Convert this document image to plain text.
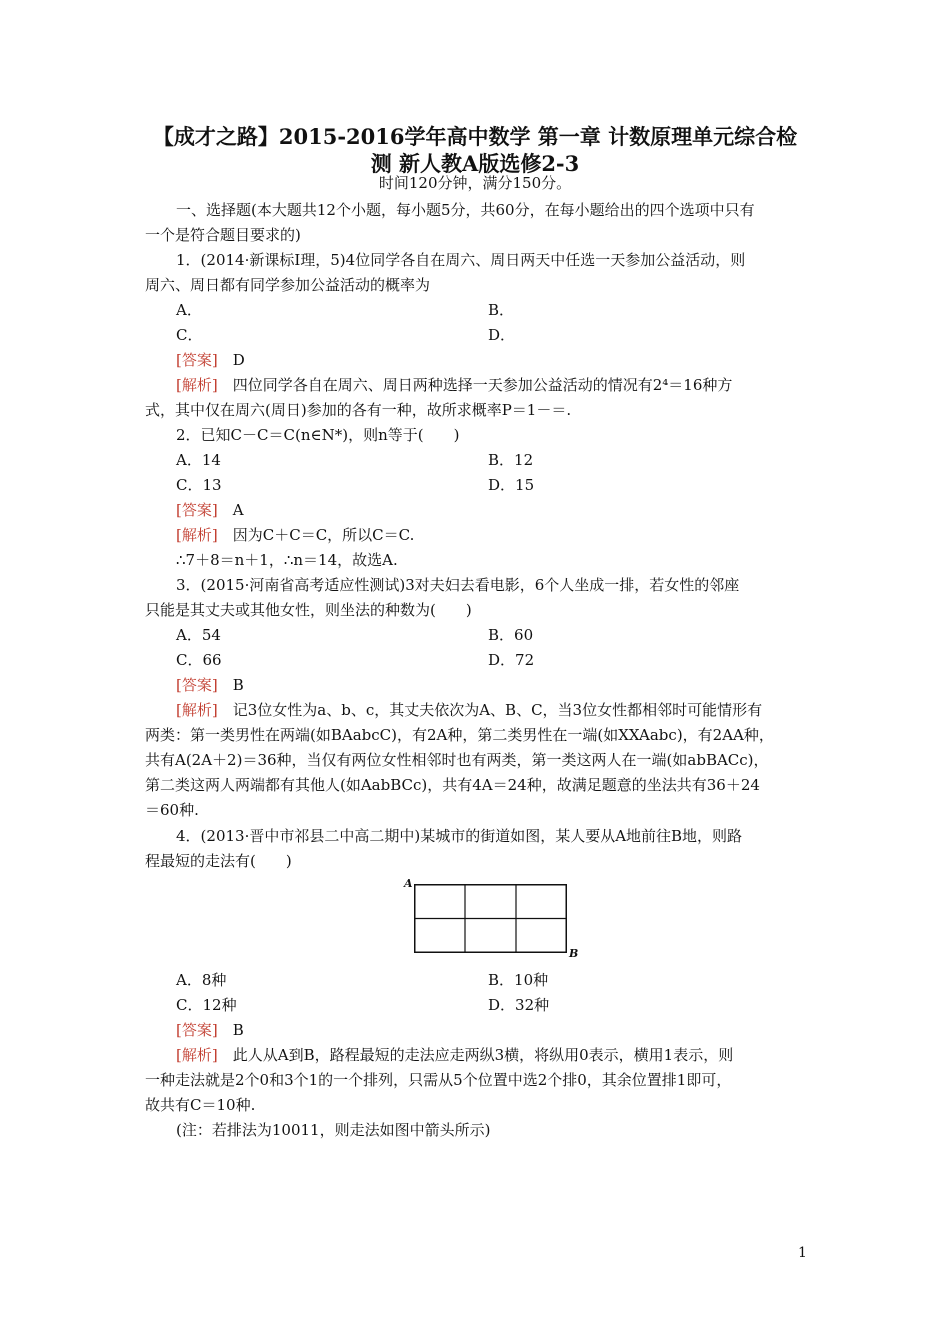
【成才之路】2015-2016学年高中数学 第一章 计数原理单元综合检
测 新人教A版选修2-3
时间120分钟，满分150分。
一、选择题(本大题共12个小题，每小题5分，共60分，在每小题给出的四个选项中只有
一个是符合题目要求的)
1．(2014·新课标Ⅰ理，5)4位同学各自在周六、周日两天中任选一天参加公益活动，则
周六、周日都有同学参加公益活动的概率为
A．	B．
C．	D．
[答案]　 D
[解析]　 四位同学各自在周六、周日两种选择一天参加公益活动的情况有2⁴＝16种方
式，其中仅在周六(周日)参加的各有一种，故所求概率P＝1－＝.
2．已知C－C＝C(n∈N*)，则n等于(　　)
A．14	B．12
C．13	D．15
[答案]　 A
[解析]　 因为C＋C＝C，所以C＝C.
∴7＋8＝n＋1，∴n＝14，故选A.
3．(2015·河南省高考适应性测试)3对夫妇去看电影，6个人坐成一排，若女性的邻座
只能是其丈夫或其他女性，则坐法的种数为(　　)
A．54	B．60
C．66	D．72
[答案]　 B
[解析]　 记3位女性为a、b、c，其丈夫依次为A、B、C，当3位女性都相邻时可能情形有
两类：第一类男性在两端(如BAabcC)，有2A种，第二类男性在一端(如XXAabc)，有2AA种，
共有A(2A＋2)＝36种，当仅有两位女性相邻时也有两类，第一类这两人在一端(如abBACc)，
第二类这两人两端都有其他人(如AabBCc)，共有4A＝24种，故满足题意的坐法共有36＋24
＝60种.
4．(2013·晋中市祁县二中高二期中)某城市的街道如图，某人要从A地前往B地，则路
程最短的走法有(　　)
A
B
A．8种	B．10种
C．12种	D．32种
[答案]　 B
[解析]　 此人从A到B，路程最短的走法应走两纵3横，将纵用0表示，横用1表示，则
一种走法就是2个0和3个1的一个排列，只需从5个位置中选2个排0，其余位置排1即可，
故共有C＝10种.
(注：若排法为10011，则走法如图中箭头所示)
1
